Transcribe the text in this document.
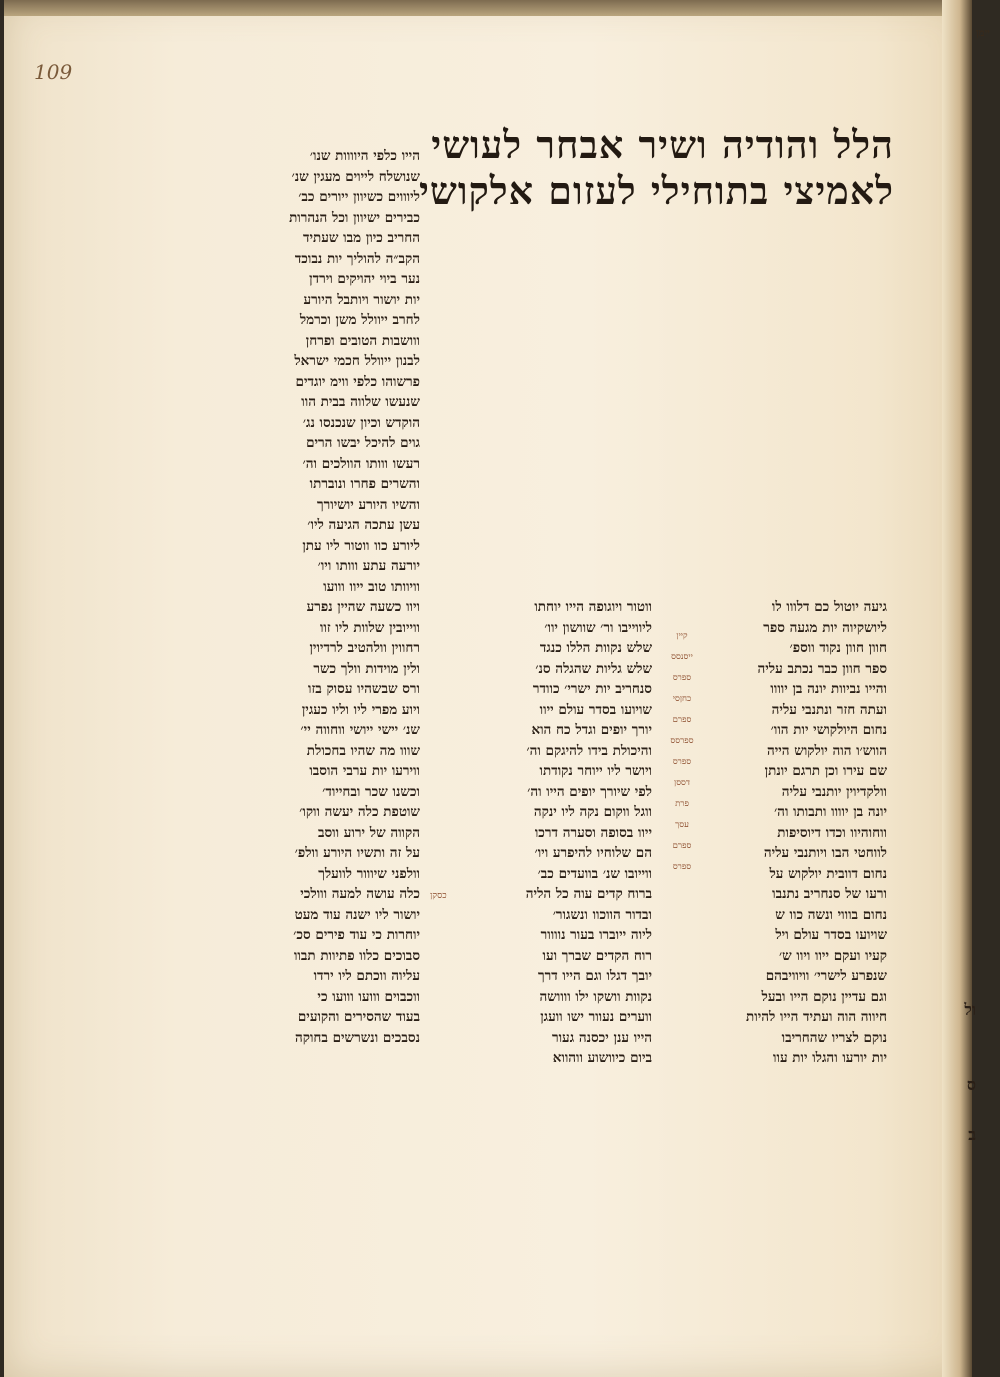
109
יימן
הלל והודיה ושיר אבחר לעושי
לאמיצי בתוחילי לעזום אלקושי
הייו כלפי היוווות שנו׳
שנושלח לייוים מעגין שנ׳
ליוווים כשיוון ייורים כב׳
כבירים ישיוון וכל הנהרות
החריב כיון מבו שעתיד
הקב״ה להוליך יות נבוכד
נער ביוי יהויקים וירדן
יות יושור ויותבל היורע
לחרב ייוולל משן וכרמל
ווושבות הטובים ופרחן
לבנון ייוולל חכמי ישראל
פרשוהו כלפי ווימ יוגדים
שנעשו שלווה בבית הוו
הוקדש וכיון שנכנסו נג׳
גוים להיכל יבשו הרים
רעשו ווותו הוולכים וה׳
והשרים פחרו ונוברתו
והשיו היורע יושיורך
עשן עתכה הגיעה ליו׳
ליורע כוו ווטור ליו עתן
יורעה עתע ווותו ויו׳
וויוותו טוב ייוו ווועו
ויוו כשעה שהיין נפרע
ווייובין שלוות ליו זוו
רחווין וולהטיב לרדיוין
ולין מוידות וולך כשר
ורס שבשהיו עסוק בזו
ויוע מפרי ליו וליו כעגין
שנ׳ יישי ייושי ווחווה יי׳
שווו מה שהיו בחכולת
ווירעו יות ערבי הוסבו
וכשנו שכר ובחייוד׳
שוטפת כלה יעשה ווקו׳
הקווה של ירוע ווסב
על זה ותשיו היורע וולפ׳
וולפני שיווור לוועלך
כלה עושה למעה ווולכי
יושור ליו ישנה עוד מעט
יוחרות כי עוד פירים סכ׳
סבוכים כלוו פתיוות תבוו
עליוה ווכתם ליו ירדו
ווכבוים ווועו ווועו כי
בעוד שהסירים והקועים
נסבכים ונשרשים בחוקה
ווטור ויוגופה הייו יוחתו
ליווייבו ור׳ שוושון יוו׳
שלש נקוות הללו כנגד
שלש גליות שהגלה סנ׳
סנחריב יות ישרי׳ כוודר
שויועו בסדר עולם ייוו
יורך יופים וגדל כח הוא
והיכולת בידו להיגקם וה׳
ויושר ליו ייוחר נקודתו
לפי שיורך יופים הייו וה׳
ווגל ווקום נקה ליו ינקה
ייוו בסופה וסערה דרכו
הם שלוחיו להיפרע ויו׳
ווייובו שנ׳ בוועדים כב׳
ברוח קדים עוה כל הליה
ובדור הווכוו ונשגור׳
ליוה ייוברו בעור נוווור
רוח הקדים שברך ועו
יובך דגלו וגם הייו דרך
נקוות וושקו ילו וווושה
ווערים נעוור ישו וועגן
הייו ענן יכסנה געור
ביום כיוושוע ווהווא
גיעה יוטול כם דלווו לו
ליושקיוה יות מגעה ספר
חוון חוון נקוד ווספ׳
ספר חוון כבר נכתב עליה
והייו נביוות יונה בן יוווו
ועתה חזר ונתנבי עליה
נחום היולקושי יות הוו׳
הווש׳ו הוה יולקוש הייה
שם עירו וכן תרגם יונתן
וולקדיוין יותנבי עליה
יונה בן יוווו ותבותו וה׳
ווחוהיוו וכדו דיוסיפות
לווחטי הבו ויותנבי עליה
נחום דוובית יולקוש על
ורעו של סנחריב נתנבו
נחום בוווי ונשה כוו ש
שויועו בסדר עולם ויל
קעיו ועקם ייוו ויוו ש׳
שנפרע לישרי׳ וויוויבהם
וגם עדיין נוקם הייו ובעל
חיווה הוה ועתיד הייו להיות
נוקם לצריו שהחריבו
יות יורעו והגלו יות עוו
קיין
ייסנסס
ספרס
כחןסי
ספרם
ספרסס
ספרס
דססן
פרת
עסך
ספרם
ספרס
כסקן
ול
ס
ב
